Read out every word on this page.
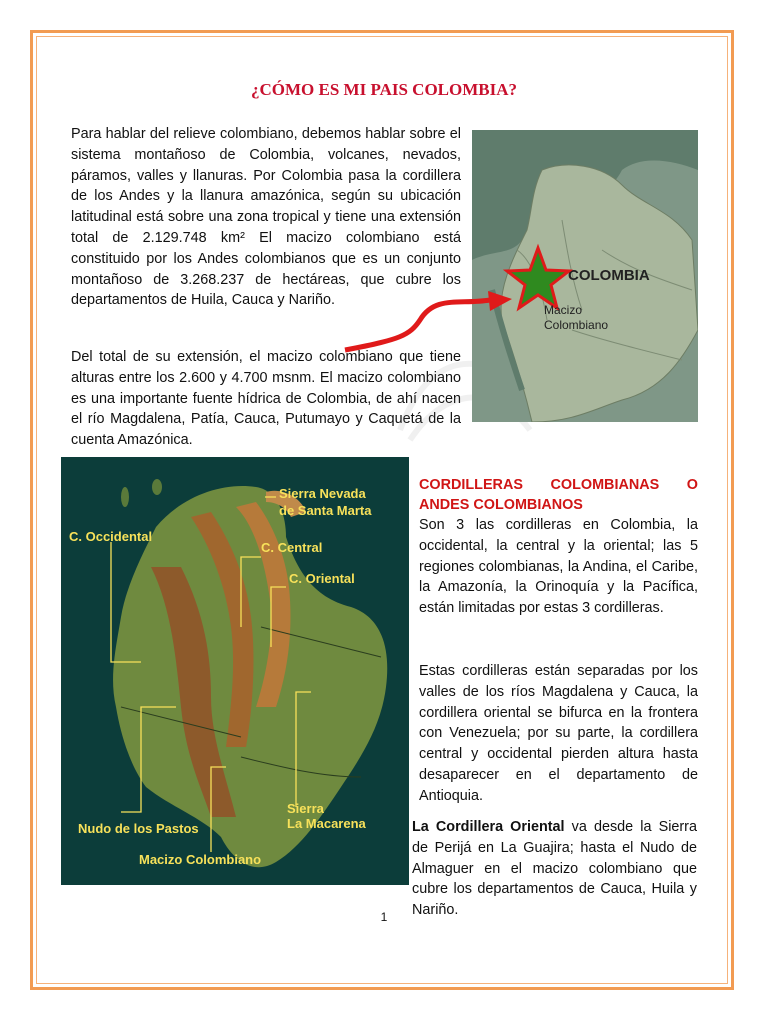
¿CÓMO ES MI PAIS COLOMBIA?

Para hablar del relieve colombiano, debemos hablar sobre el sistema montañoso de Colombia, volcanes, nevados, páramos, valles y llanuras. Por Colombia pasa la cordillera de los Andes y la llanura amazónica, según su ubicación latitudinal está sobre una zona tropical y tiene una extensión total de 2.129.748 km² El macizo colombiano está constituido por los Andes colombianos que es un conjunto montañoso de 3.268.237 de hectáreas, que cubre los departamentos de Huila, Cauca y Nariño.

Del total de su extensión, el macizo colombiano que tiene alturas entre los 2.600 y 4.700 msnm. El macizo colombiano es una importante fuente hídrica de Colombia, de ahí nacen el río Magdalena, Patía, Cauca, Putumayo y Caquetá de la cuenta Amazónica.

COLOMBIA
Macizo
Colombiano
CORDILLERAS COLOMBIANAS O
ANDES COLOMBIANOS

Son 3 las cordilleras en Colombia, la occidental, la central y la oriental; las 5 regiones colombianas, la Andina, el Caribe, la Amazonía, la Orinoquía y la Pacífica, están limitadas por estas 3 cordilleras.

Estas cordilleras están separadas por los valles de los ríos Magdalena y Cauca, la cordillera oriental se bifurca en la frontera con Venezuela; por su parte, la cordillera central y occidental pierden altura hasta desaparecer en el departamento de Antioquia.

La Cordillera Oriental va desde la Sierra de Perijá en La Guajira; hasta el Nudo de Almaguer en el macizo colombiano que cubre los departamentos de Cauca, Huila y Nariño.

Sierra Nevada
de Santa Marta
C. Occidental
C. Central
C. Oriental
Sierra
La Macarena
Nudo de los Pastos
Macizo Colombiano
1
